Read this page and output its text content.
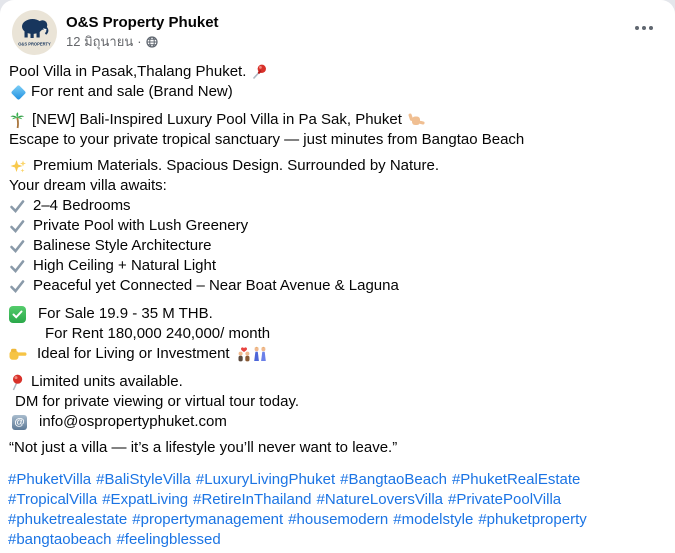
O&S PROPERTY
O&S Property Phuket
12 มิถุนายน ·
Pool Villa in Pasak,Thalang Phuket.
For rent and sale (Brand New)
[NEW] Bali-Inspired Luxury Pool Villa in Pa Sak, Phuket
Escape to your private tropical sanctuary — just minutes from Bangtao Beach
Premium Materials. Spacious Design. Surrounded by Nature.
Your dream villa awaits:
2–4 Bedrooms
Private Pool with Lush Greenery
Balinese Style Architecture
High Ceiling + Natural Light
Peaceful yet Connected – Near Boat Avenue & Laguna
For Sale 19.9 - 35 M THB.
For Rent 180,000 240,000/ month
Ideal for Living or Investment
Limited units available.
DM for private viewing or virtual tour today.
@ info@ospropertyphuket.com
“Not just a villa — it’s a lifestyle you’ll never want to leave.”
#PhuketVilla #BaliStyleVilla #LuxuryLivingPhuket #BangtaoBeach #PhuketRealEstate
#TropicalVilla #ExpatLiving #RetireInThailand #NatureLoversVilla #PrivatePoolVilla
#phuketrealestate #propertymanagement #housemodern #modelstyle #phuketproperty
#bangtaobeach #feelingblessed
